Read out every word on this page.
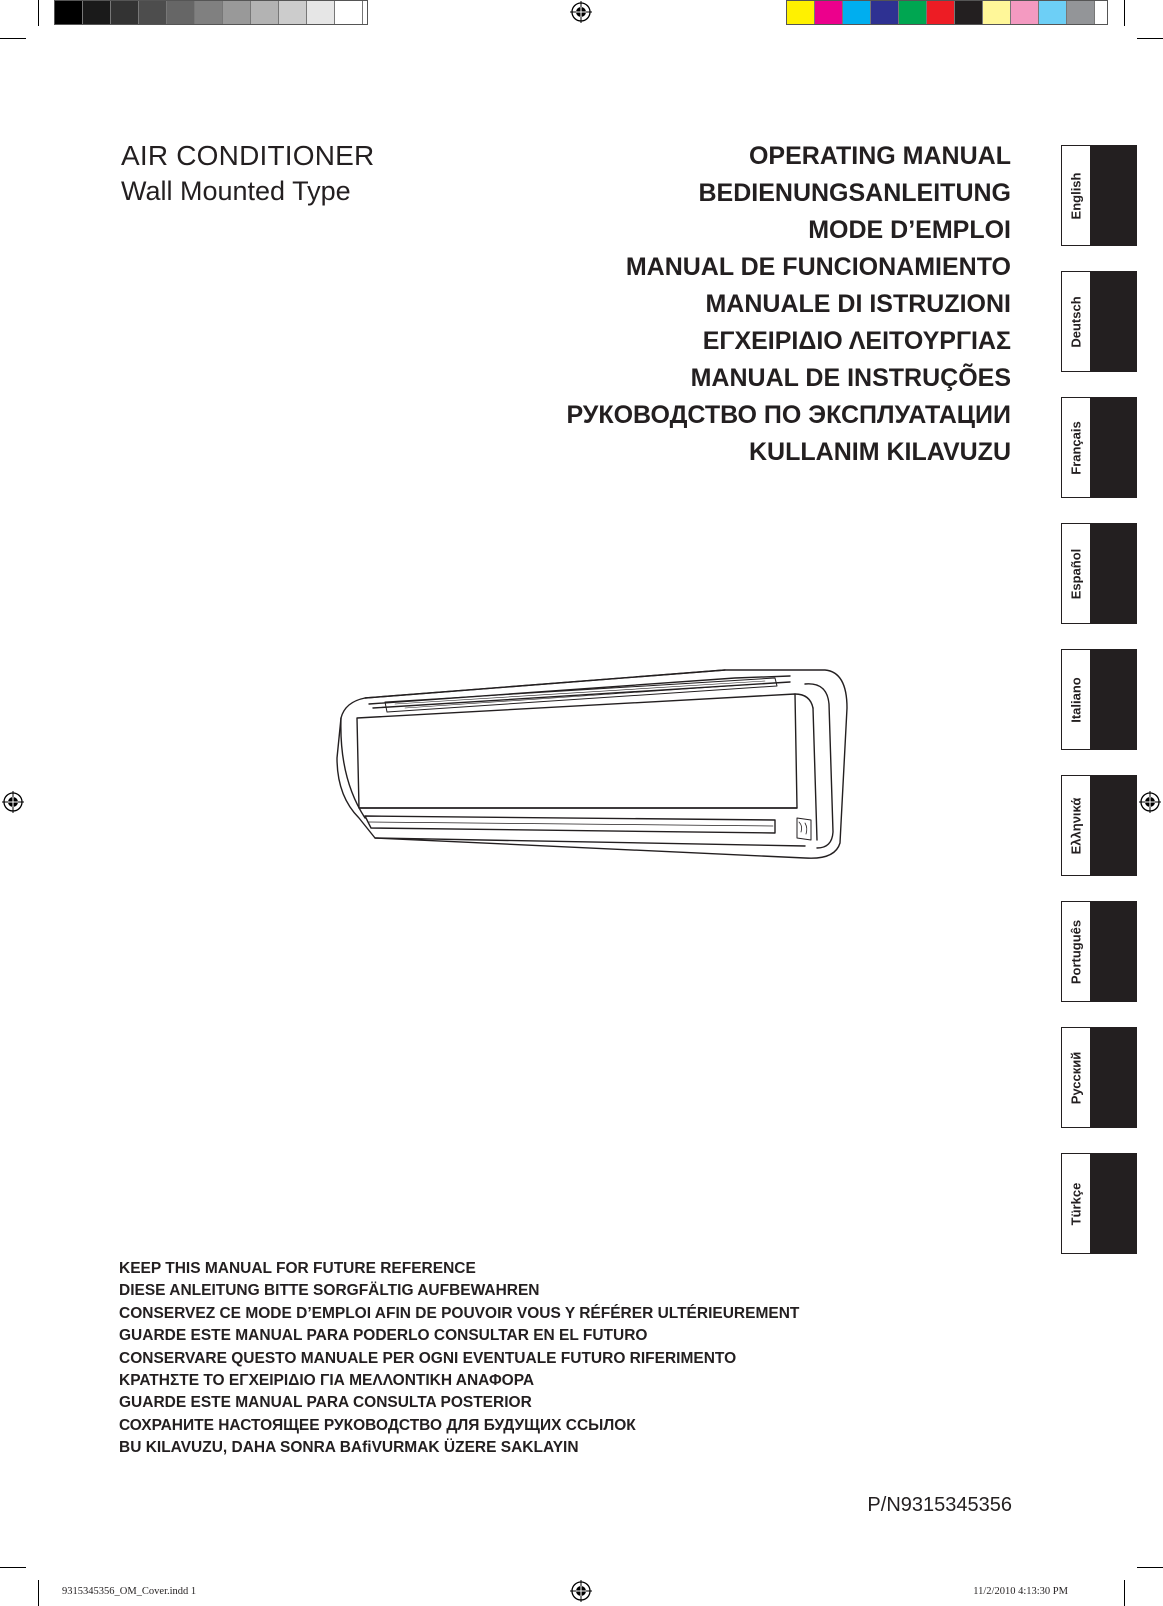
AIR CONDITIONER
Wall Mounted Type
OPERATING MANUAL
BEDIENUNGSANLEITUNG
MODE D’EMPLOI
MANUAL DE FUNCIONAMIENTO
MANUALE DI ISTRUZIONI
ΕΓΧΕΙΡΙΔΙΟ ΛΕΙΤΟΥΡΓΙΑΣ
MANUAL DE INSTRUÇÕES
РУКОВОДСТВО ПО ЭКСПЛУАТАЦИИ
KULLANIM KILAVUZU
English
Deutsch
Français
Español
Italiano
Ελληνικά
Português
Русский
Türkçe
KEEP THIS MANUAL FOR FUTURE REFERENCE
DIESE ANLEITUNG BITTE SORGFÄLTIG AUFBEWAHREN
CONSERVEZ CE MODE D’EMPLOI AFIN DE POUVOIR VOUS Y RÉFÉRER ULTÉRIEUREMENT
GUARDE ESTE MANUAL PARA PODERLO CONSULTAR EN EL FUTURO
CONSERVARE QUESTO MANUALE PER OGNI EVENTUALE FUTURO RIFERIMENTO
ΚΡΑΤΗΣΤΕ ΤΟ ΕΓΧΕΙΡΙΔΙΟ ΓΙΑ ΜΕΛΛΟΝΤΙΚΗ ΑΝΑΦΟΡΑ
GUARDE ESTE MANUAL PARA CONSULTA POSTERIOR
СОХРАНИТЕ НАСТОЯЩЕЕ РУКОВОДСТВО ДЛЯ БУДУЩИХ ССЫЛОК
BU KILAVUZU, DAHA SONRA BAfiVURMAK ÜZERE SAKLAYIN
P/N9315345356
9315345356_OM_Cover.indd 1	11/2/2010 4:13:30 PM
